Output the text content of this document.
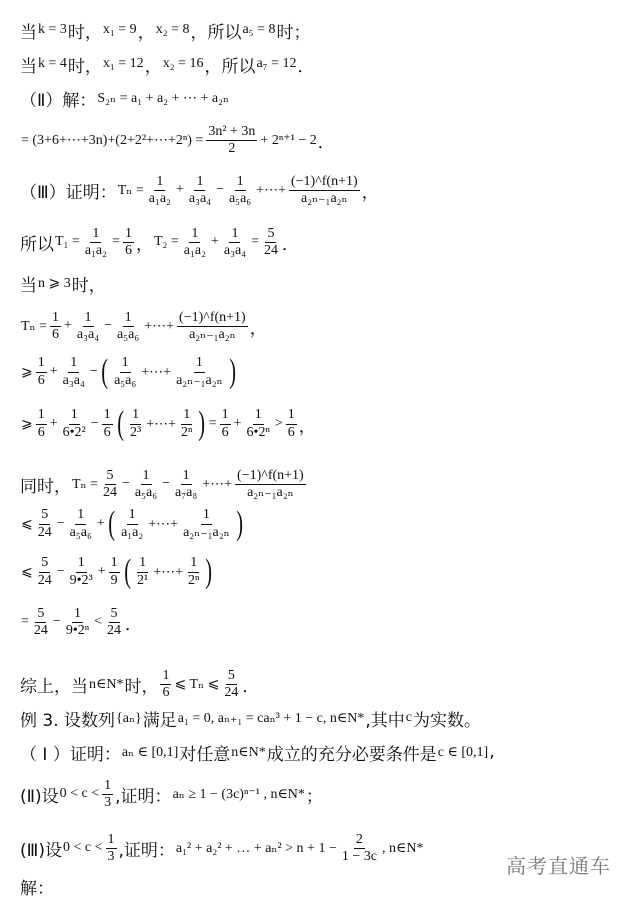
当 k = 3 时， x₁ = 9 ， x₂ = 8 ，所以 a₅ = 8 时；
当 k = 4 时， x₁ = 12 ， x₂ = 16 ，所以 a₇ = 12 ．
（Ⅱ）解： S₂ₙ = a₁ + a₂ + ⋯ + a₂ₙ
= (3+6+⋯+3n)+(2+2²+⋯+2ⁿ) = $\frac{\text{3n² + 3n}}{2} + 2^{n+1} - 2$ ．
（Ⅲ）证明： $T_n = \frac{1}{\text{a₁a₂}} + \frac{1}{\text{a₃a₄}} - \frac{1}{\text{a₅a₆}}$ +⋯+ $\frac{(-1)\^{}f(n+1)}{\text{a₂ₙ₋₁a₂ₙ}}$ ，
所以 $T_1 = \frac{1}{\text{a₁a₂}} = \frac{1}{6}$ ， $T_2 = \frac{1}{\text{a₁a₂}} + \frac{1}{\text{a₃a₄}} = \frac{5}{24}$ ．
当 n ⩾ 3 时，
$T_n = \frac{1}{6} + \frac{1}{\text{a₃a₄}} - \frac{1}{\text{a₅a₆}}$ +⋯+ $\frac{(-1)\^{}f(n+1)}{\text{a₂ₙ₋₁a₂ₙ}}$ ，
⩾ $\frac{1}{6} + \frac{1}{\text{a₃a₄}}$ − ( $\frac{1}{\text{a₅a₆}}$ +⋯+ $\frac{1}{\text{a₂ₙ₋₁a₂ₙ}}$ )
⩾ $\frac{1}{6} + \frac{1}{\text{6•2²}} - \frac{1}{6}$ ( $\frac{1}{\text{2³}}$ +⋯+ $\frac{1}{\text{2ⁿ}}$ ) = $\frac{1}{6} + \frac{1}{\text{6•2ⁿ}} > \frac{1}{6}$ ，
同时， $T_n = \frac{5}{24} - \frac{1}{\text{a₅a₆}} - \frac{1}{\text{a₇a₈}}$ +⋯+ $\frac{(-1)\^{}f(n+1)}{\text{a₂ₙ₋₁a₂ₙ}}$
⩽ $\frac{5}{24} - \frac{1}{\text{a₅a₆}}$ + ( $\frac{1}{\text{a₁a₂}}$ +⋯+ $\frac{1}{\text{a₂ₙ₋₁a₂ₙ}}$ )
⩽ $\frac{5}{24} - \frac{1}{\text{9•2³}} + \frac{1}{9}$ ( $\frac{1}{\text{2¹}}$ +⋯+ $\frac{1}{\text{2ⁿ}}$ )
= $\frac{5}{24} - \frac{1}{\text{9•2ⁿ}} < \frac{5}{24}$ ．
综上，当 n∈N* 时， $\frac{1}{6}$ ⩽ Tₙ ⩽ $\frac{5}{24}$ ．
例 3. 设数列 {aₙ} 满足 a₁ = 0, aₙ₊₁ = caₙ³ + 1 − c, n∈N* ,其中 c 为实数。
（ Ⅰ ）证明： aₙ ∈ [0,1] 对任意 n∈N* 成立的充分必要条件是 c ∈ [0,1] ,
(Ⅱ)设 $0 < c < \frac{1}{3}$ ,证明： aₙ ≥ 1 − (3c)ⁿ⁻¹ , n∈N* ；
(Ⅲ)设 $0 < c < \frac{1}{3}$ ,证明： a₁² + a₂² + … + $a_n^2 > n + 1 - \frac{2}{1 - 3c}$ , n∈N*
解：
高考直通车
